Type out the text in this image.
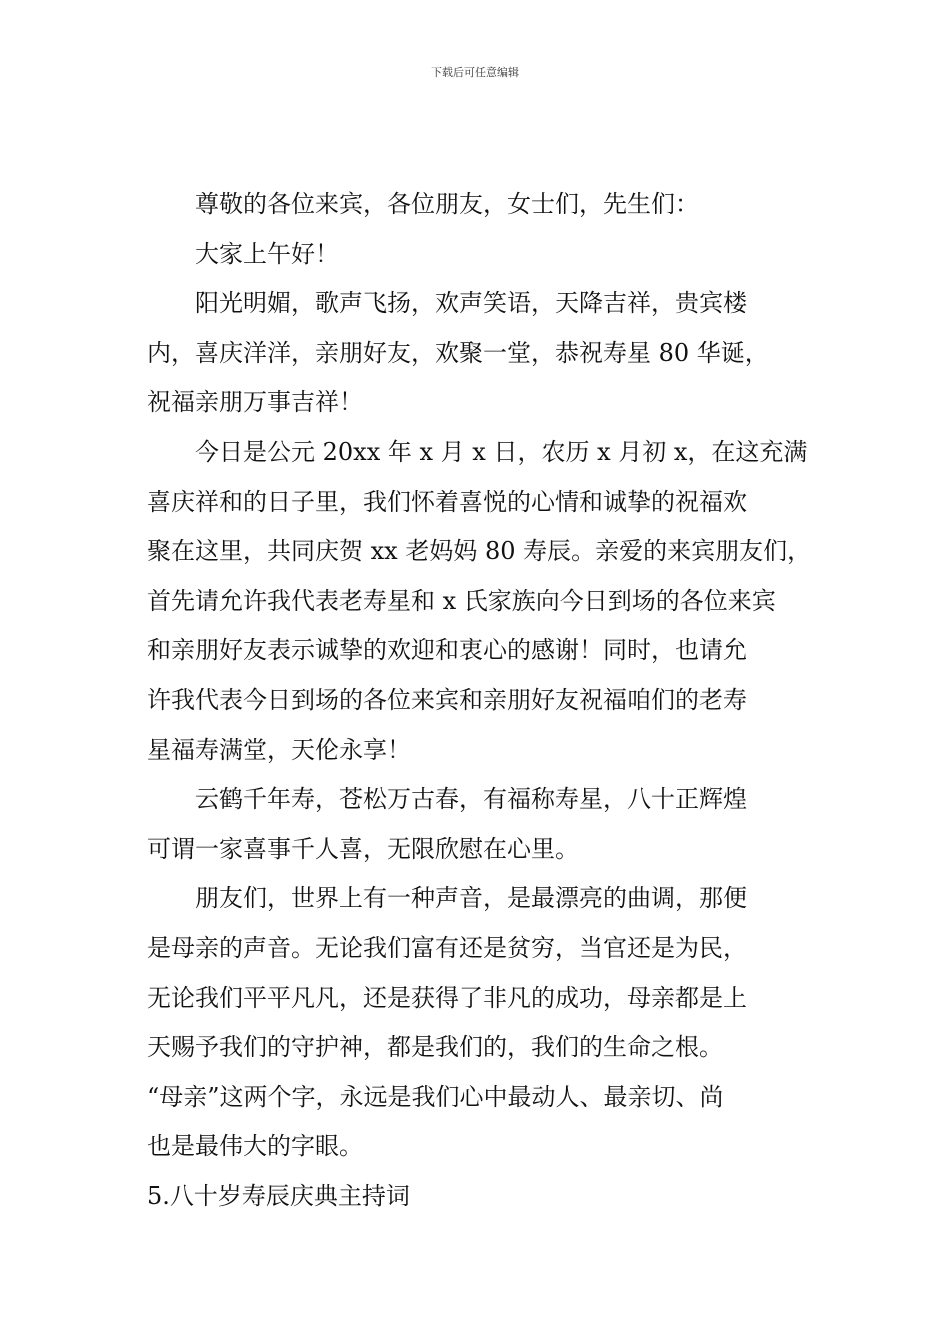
下载后可任意编辑
尊敬的各位来宾，各位朋友，女士们，先生们：
大家上午好！
阳光明媚，歌声飞扬，欢声笑语，天降吉祥，贵宾楼
内，喜庆洋洋，亲朋好友，欢聚一堂，恭祝寿星 80 华诞，
祝福亲朋万事吉祥！
今日是公元 20xx 年 x 月 x 日，农历 x 月初 x，在这充满
喜庆祥和的日子里，我们怀着喜悦的心情和诚挚的祝福欢
聚在这里，共同庆贺 xx 老妈妈 80 寿辰。亲爱的来宾朋友们，
首先请允许我代表老寿星和 x 氏家族向今日到场的各位来宾
和亲朋好友表示诚挚的欢迎和衷心的感谢！同时，也请允
许我代表今日到场的各位来宾和亲朋好友祝福咱们的老寿
星福寿满堂，天伦永享！
云鹤千年寿，苍松万古春，有福称寿星，八十正辉煌
可谓一家喜事千人喜，无限欣慰在心里。
朋友们，世界上有一种声音，是最漂亮的曲调，那便
是母亲的声音。无论我们富有还是贫穷，当官还是为民，
无论我们平平凡凡，还是获得了非凡的成功，母亲都是上
天赐予我们的守护神，都是我们的，我们的生命之根。
“母亲”这两个字，永远是我们心中最动人、最亲切、尚
也是最伟大的字眼。
5.八十岁寿辰庆典主持词
